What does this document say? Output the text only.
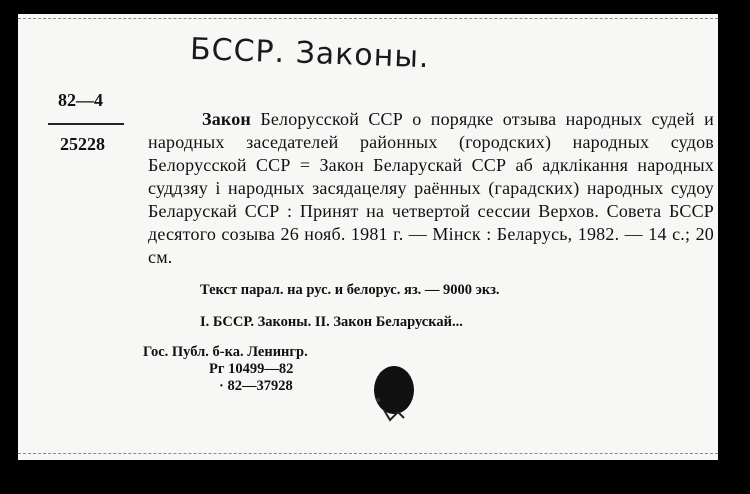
БССР. Законы.
82—4
25228
Закон Белорусской ССР о порядке отзыва народных судей и народных заседателей районных (городских) народных судов Белорусской ССР = Закон Беларускай ССР аб адклікання народных суддзяу і народных засядацеляу раённых (гарадских) народных судоу Беларускай ССР : Принят на четвертой сессии Верхов. Совета БССР десятого созыва 26 нояб. 1981 г. — Мінск : Беларусь, 1982. — 14 с.; 20 см.
Текст парал. на рус. и белорус. яз. — 9000 экз.
I. БССР. Законы. II. Закон Беларускай...
Гос. Публ. б-ка. Ленингр.
Рг 10499—82
· 82—37928
